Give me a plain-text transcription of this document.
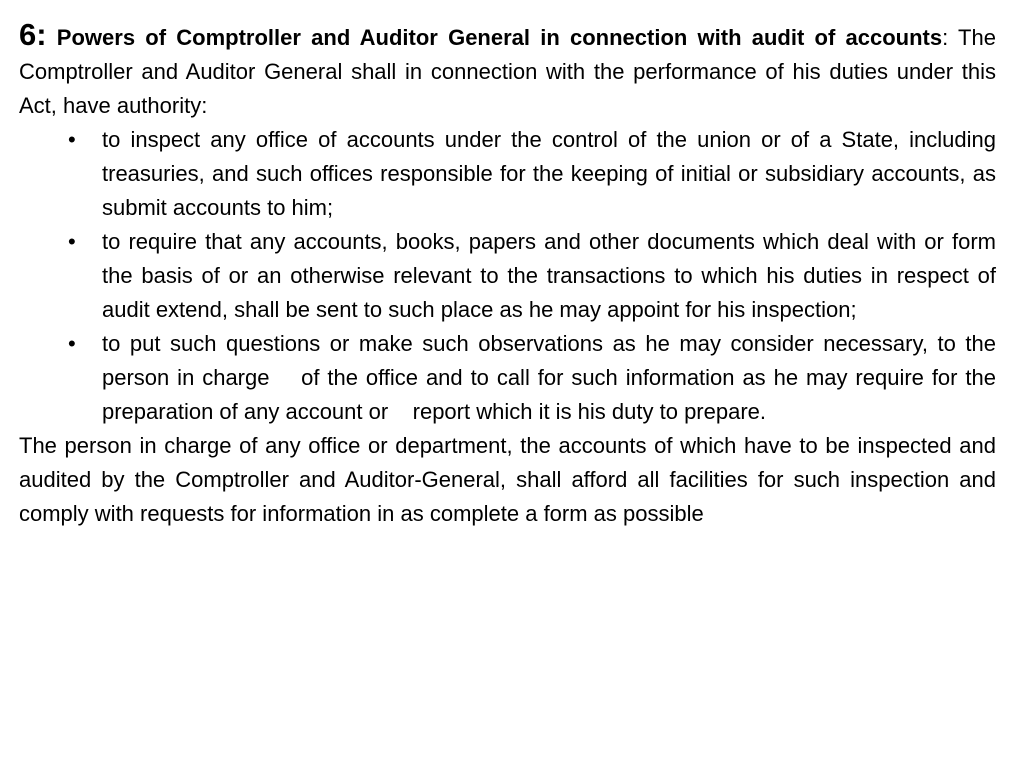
6: Powers of Comptroller and Auditor General in connection with audit of accounts: The Comptroller and Auditor General shall in connection with the performance of his duties under this Act, have authority:

• to inspect any office of accounts under the control of the union or of a State, including treasuries, and such offices responsible for the keeping of initial or subsidiary accounts, as submit accounts to him;
• to require that any accounts, books, papers and other documents which deal with or form the basis of or an otherwise relevant to the transactions to which his duties in respect of audit extend, shall be sent to such place as he may appoint for his inspection;
• to put such questions or make such observations as he may consider necessary, to the person in charge    of the office and to call for such information as he may require for the preparation of any account or    report which it is his duty to prepare.

The person in charge of any office or department, the accounts of which have to be inspected and audited by the Comptroller and Auditor-General, shall afford all facilities for such inspection and comply with requests for information in as complete a form as possible
